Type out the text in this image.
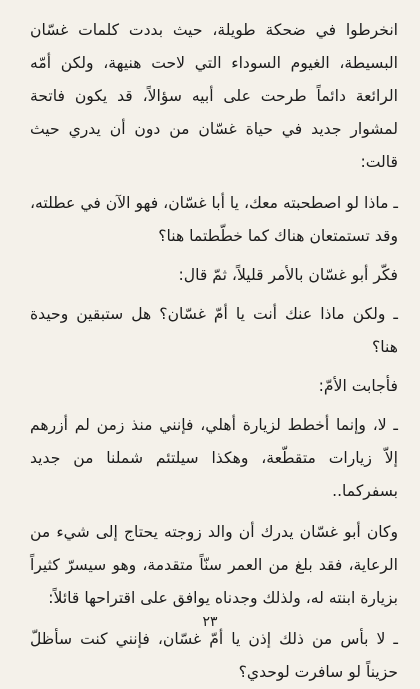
انخرطوا في ضحكة طويلة، حيث بددت كلمات غسّان البسيطة، الغيوم السوداء التي لاحت هنيهة، ولكن أمّه الرائعة دائماً طرحت على أبيه سؤالاً، قد يكون فاتحة لمشوار جديد في حياة غسّان من دون أن يدري حيث قالت:

ـ ماذا لو اصطحبته معك، يا أبا غسّان، فهو الآن في عطلته، وقد تستمتعان هناك كما خطّطتما هنا؟

فكّر أبو غسّان بالأمر قليلاً، ثمّ قال:

ـ ولكن ماذا عنك أنت يا أمّ غسّان؟ هل ستبقين وحيدة هنا؟

فأجابت الأمّ:

ـ لا، وإنما أخطط لزيارة أهلي، فإنني منذ زمن لم أزرهم إلاّ زيارات متقطّعة، وهكذا سيلتئم شملنا من جديد بسفركما..

وكان أبو غسّان يدرك أن والد زوجته يحتاج إلى شيء من الرعاية، فقد بلغ من العمر سنّاً متقدمة، وهو سيسرّ كثيراً بزيارة ابنته له، ولذلك وجدناه يوافق على اقتراحها قائلاً:

ـ لا بأس من ذلك إذن يا أمّ غسّان، فإنني كنت سأظلّ حزيناً لو سافرت لوحدي؟

٢٣
